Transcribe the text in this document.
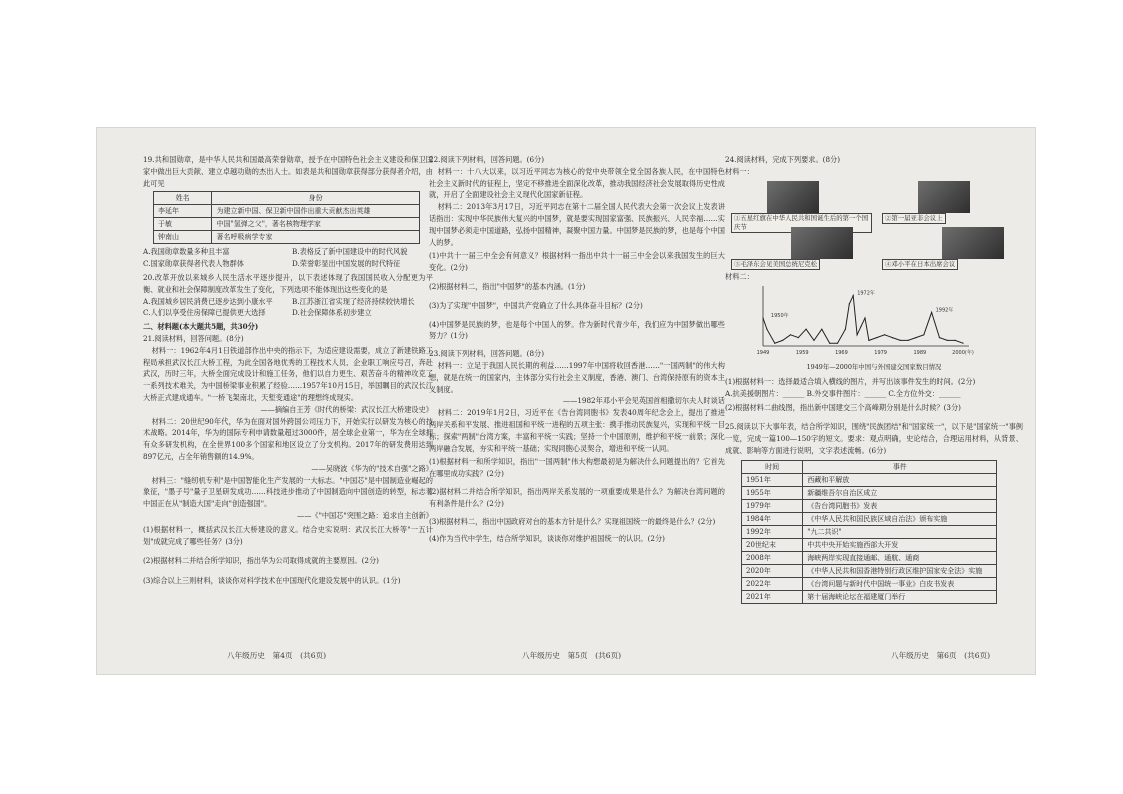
19.共和国勋章，是中华人民共和国最高荣誉勋章，授予在中国特色社会主义建设和保卫国家中做出巨大贡献、建立卓越功勋的杰出人士。如表是共和国勋章获得部分获得者介绍，由此可见

姓名	身份
李延年	为建立新中国、保卫新中国作出重大贡献杰出英雄
于敏	中国"氢弹之父"，著名核物理学家
钟南山	著名呼吸病学专家
A.我国勋章数量多种且丰富	B.表格反了新中国建设中的时代风貌
C.国家勋章获得者代表人物群体	D.荣誉彰显出中国发展的时代特征

20.改革开放以来城乡人民生活水平逐步提升，以下表述体现了我国国民收入分配更为平衡、就业和社会保障制度改革发生了变化，下列选项不能体现出这些变化的是

A.我国城乡居民消费已逐步达到小康水平	B.江苏浙江省实现了经济持续较快增长
C.人们以享受住房保障已提供更大选择	D.社会保障体系初步建立

二、材料题(本大题共5题，共30分)

21.阅读材料，回答问题。(8分)

材料一：1962年4月1日铁道部作出中央的指示下，为适应建设需要，成立了新建铁路工程局承担武汉长江大桥工程，为此全国各地优秀的工程技术人员、企业职工响应号召，奔赴武汉，历时三年，大桥全面完成设计和施工任务，他们以自力更生、艰苦奋斗的精神攻克了一系列技术难关，为中国桥梁事业积累了经验……1957年10月15日，举国瞩目的武汉长江大桥正式建成通车。"一桥飞架南北，天堑变通途"的理想终成现实。

——摘编自王芳《时代的桥梁：武汉长江大桥建设史》

材料二：20世纪90年代，华为在面对国外跨国公司压力下，开始实行以研发为核心的技术战略。2014年，华为的国际专利申请数量超过3000件，居全球企业第一，华为在全球拥有众多研发机构，在全世界100多个国家和地区设立了分支机构。2017年的研发费用达到897亿元，占全年销售额的14.9%。

——吴晓波《华为的"技术自强"之路》

材料三："缝纫机专利"是中国智能化生产发展的一大标志。"中国芯"是中国制造业崛起的象征，"墨子号"量子卫星研发成功……科技进步推动了中国制造向中国创造的转型，标志着中国正在从"制造大国"走向"创造强国"。

——《"中国芯"突围之路：追求自主创新》

(1)根据材料一，概括武汉长江大桥建设的意义。结合史实说明：武汉长江大桥等"一五计划"成就完成了哪些任务？(3分)

(2)根据材料二并结合所学知识，指出华为公司取得成就的主要原因。(2分)

(3)综合以上三则材料，谈谈你对科学技术在中国现代化建设发展中的认识。(1分)

22.阅读下列材料，回答问题。(6分)

材料一：十八大以来，以习近平同志为核心的党中央带领全党全国各族人民，在中国特色社会主义新时代的征程上，坚定不移推进全面深化改革，推动我国经济社会发展取得历史性成就，开启了全面建设社会主义现代化国家新征程。

材料二：2013年3月17日，习近平同志在第十二届全国人民代表大会第一次会议上发表讲话指出：实现中华民族伟大复兴的中国梦，就是要实现国家富强、民族振兴、人民幸福……实现中国梦必须走中国道路，弘扬中国精神，凝聚中国力量。中国梦是民族的梦，也是每个中国人的梦。

(1)中共十一届三中全会有何意义？根据材料一指出中共十一届三中全会以来我国发生的巨大变化。(2分)

(2)根据材料二，指出"中国梦"的基本内涵。(1分)

(3)为了实现"中国梦"，中国共产党确立了什么具体奋斗目标？(2分)

(4)中国梦是民族的梦，也是每个中国人的梦。作为新时代青少年，我们应为中国梦做出哪些努力？(1分)

23.阅读下列材料，回答问题。(8分)

材料一：立足于我国人民长期的利益……1997年中国将收回香港……"一国两制"的伟大构想，就是在统一的国家内，主体部分实行社会主义制度，香港、澳门、台湾保持原有的资本主义制度。

——1982年邓小平会见英国首相撒切尔夫人时谈话

材料二：2019年1月2日，习近平在《告台湾同胞书》发表40周年纪念会上，提出了推进两岸关系和平发展、推进祖国和平统一进程的五项主张：携手推动民族复兴，实现和平统一目标；探索"两制"台湾方案，丰富和平统一实践；坚持一个中国原则，维护和平统一前景；深化两岸融合发展，夯实和平统一基础；实现同胞心灵契合，增进和平统一认同。

(1)根据材料一和所学知识，指出"一国两制"伟大构想最初是为解决什么问题提出的？它首先在哪里成功实践？(2分)

(2)据材料二并结合所学知识，指出两岸关系发展的一项重要成果是什么？为解决台湾问题的有利条件是什么？(2分)

(3)根据材料二，指出中国政府对台的基本方针是什么？实现祖国统一的最终是什么？(2分)

(4)作为当代中学生，结合所学知识，谈谈你对维护祖国统一的认识。(2分)

24.阅读材料，完成下列要求。(8分)

材料一：

①五星红旗在中华人民共和国诞生后的第一个国庆节
②第一届亚非会议上
③毛泽东会见美国总统尼克松	④邓小平在日本出席会议

材料二：

1949	1959	1969	1979	1989	2000(年)
1950年
1972年
1992年

1949年—2000年中国与外国建交国家数目情况

(1)根据材料一：选择最适合填入横线的图片，并写出该事件发生的时间。(2分)

A.抗美援朝图片：______ B.外交事件图片：______ C.全方位外交：______

(2)根据材料二曲线图，指出新中国建交三个高峰期分别是什么时候？(3分)

25.阅读以下大事年表，结合所学知识，围绕"民族团结"和"国家统一"，以下是"国家统一"事例一览，完成一篇100—150字的短文。要求：观点明确，史论结合，合理运用材料，从背景、成就、影响等方面进行说明，文字表述流畅。(6分)

时间	事件
1951年	西藏和平解放
1955年	新疆维吾尔自治区成立
1979年	《告台湾同胞书》发表
1984年	《中华人民共和国民族区域自治法》颁布实施
1992年	"九二共识"
20世纪末	中共中央开始实施西部大开发
2008年	海峡两岸实现直接通邮、通航、通商
2020年	《中华人民共和国香港特别行政区维护国家安全法》实施
2022年	《台湾问题与新时代中国统一事业》白皮书发表
2021年	第十届海峡论坛在福建厦门举行
八年级历史　第4页　(共6页)	八年级历史　第5页　(共6页)	八年级历史　第6页　(共6页)
